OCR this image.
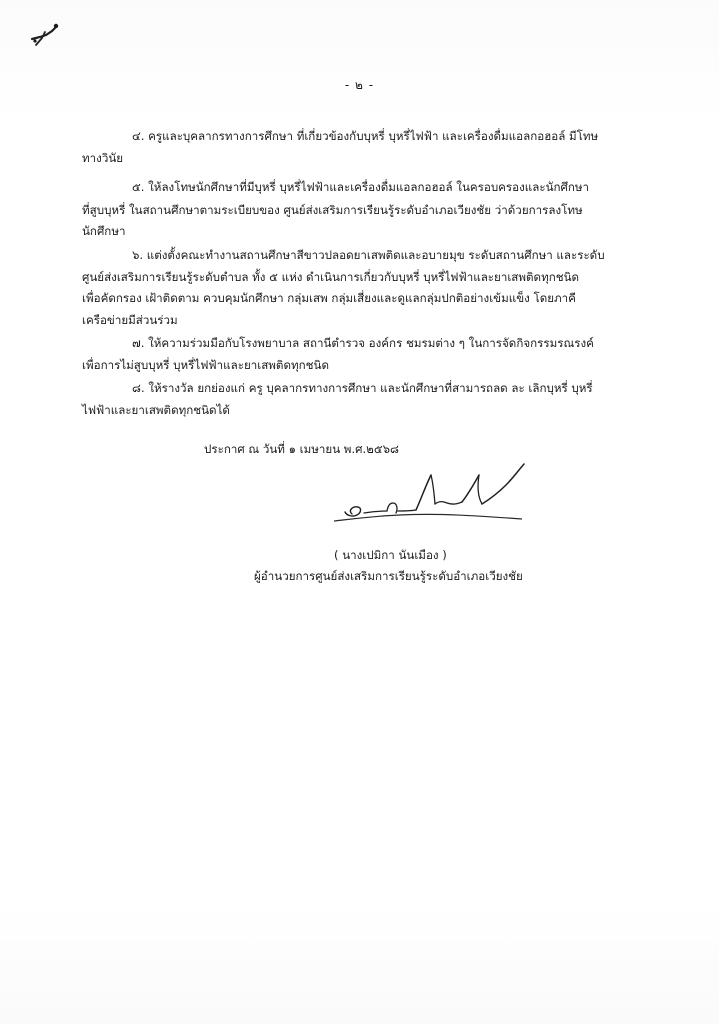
- ๒ -
๔. ครูและบุคลากรทางการศึกษา ที่เกี่ยวข้องกับบุหรี่ บุหรี่ไฟฟ้า และเครื่องดื่มแอลกอฮอล์ มีโทษ
ทางวินัย
๕. ให้ลงโทษนักศึกษาที่มีบุหรี่ บุหรี่ไฟฟ้าและเครื่องดื่มแอลกอฮอล์ ในครอบครองและนักศึกษา
ที่สูบบุหรี่ ในสถานศึกษาตามระเบียบของ ศูนย์ส่งเสริมการเรียนรู้ระดับอำเภอเวียงชัย ว่าด้วยการลงโทษ
นักศึกษา
๖. แต่งตั้งคณะทำงานสถานศึกษาสีขาวปลอดยาเสพติดและอบายมุข ระดับสถานศึกษา และระดับ
ศูนย์ส่งเสริมการเรียนรู้ระดับตำบล ทั้ง ๕ แห่ง ดำเนินการเกี่ยวกับบุหรี่ บุหรี่ไฟฟ้าและยาเสพติดทุกชนิด
เพื่อคัดกรอง เฝ้าติดตาม ควบคุมนักศึกษา กลุ่มเสพ กลุ่มเสี่ยงและดูแลกลุ่มปกติอย่างเข้มแข็ง โดยภาคี
เครือข่ายมีส่วนร่วม
๗. ให้ความร่วมมือกับโรงพยาบาล สถานีตำรวจ องค์กร ชมรมต่าง ๆ ในการจัดกิจกรรมรณรงค์
เพื่อการไม่สูบบุหรี่ บุหรี่ไฟฟ้าและยาเสพติดทุกชนิด
๘. ให้รางวัล ยกย่องแก่ ครู บุคลากรทางการศึกษา และนักศึกษาที่สามารถลด ละ เลิกบุหรี่ บุหรี่
ไฟฟ้าและยาเสพติดทุกชนิดได้
ประกาศ ณ วันที่ ๑ เมษายน พ.ศ.๒๕๖๘
( นางเปมิกา นันเมือง )
ผู้อำนวยการศูนย์ส่งเสริมการเรียนรู้ระดับอำเภอเวียงชัย
